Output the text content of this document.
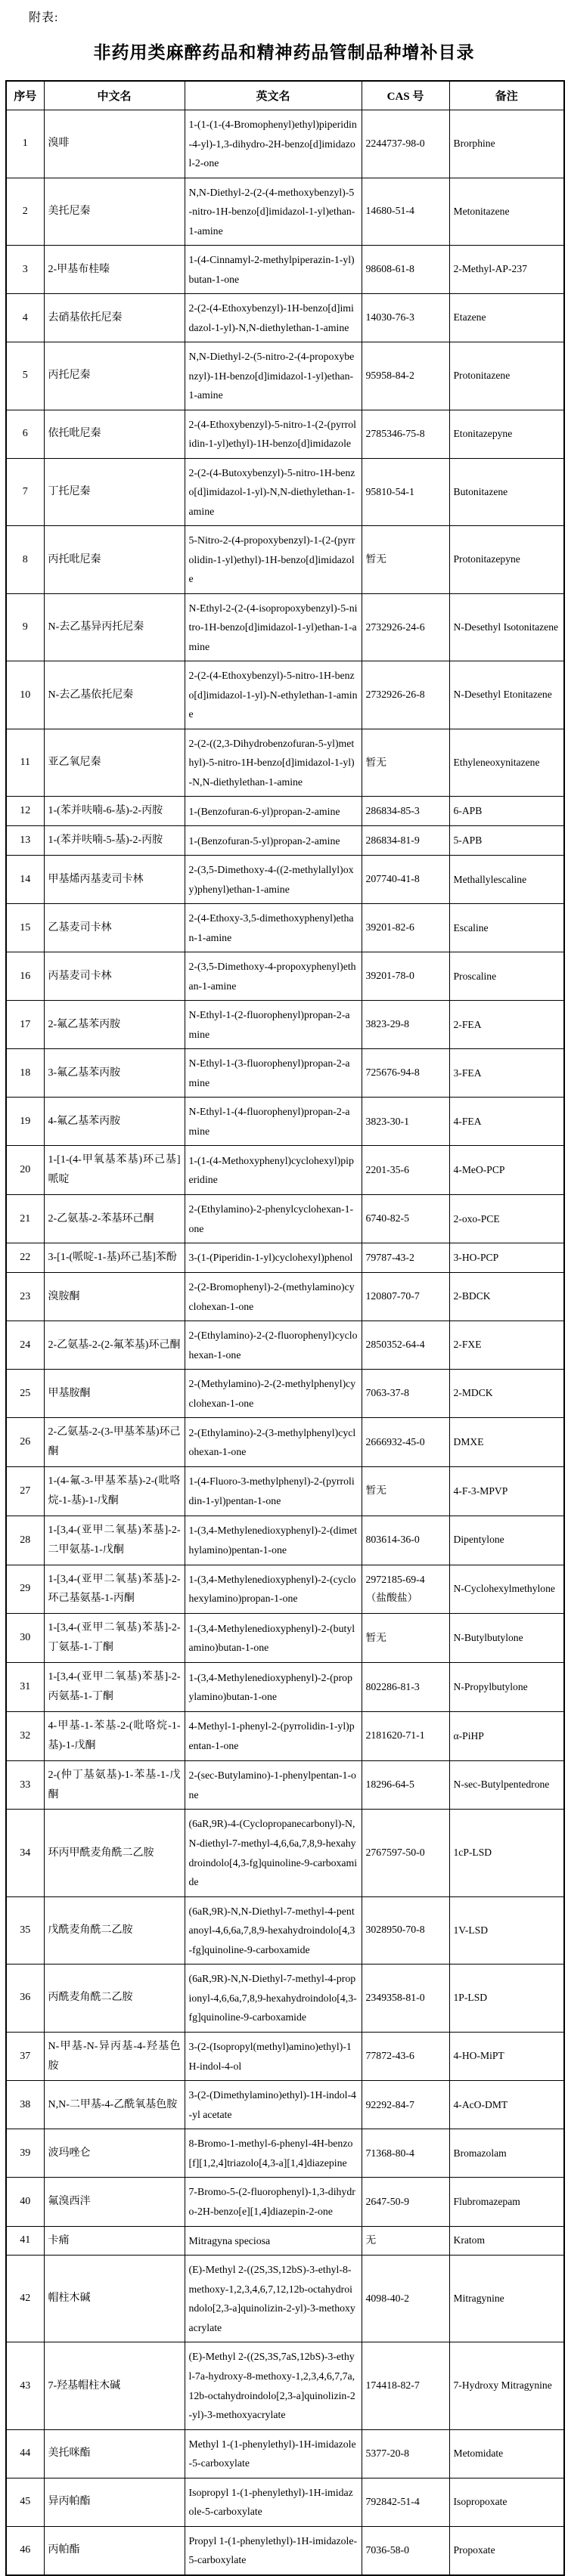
附表:
非药用类麻醉药品和精神药品管制品种增补目录
序号	中文名	英文名	CAS 号	备注
1	溴啡	1-(1-(1-(4-Bromophenyl)ethyl)piperidin-4-yl)-1,3-dihydro-2H-benzo[d]imidazol-2-one	2244737-98-0	Brorphine
2	美托尼秦	N,N-Diethyl-2-(2-(4-methoxybenzyl)-5-nitro-1H-benzo[d]imidazol-1-yl)ethan-1-amine	14680-51-4	Metonitazene
3	2-甲基布桂嗪	1-(4-Cinnamyl-2-methylpiperazin-1-yl)butan-1-one	98608-61-8	2-Methyl-AP-237
4	去硝基依托尼秦	2-(2-(4-Ethoxybenzyl)-1H-benzo[d]imidazol-1-yl)-N,N-diethylethan-1-amine	14030-76-3	Etazene
5	丙托尼秦	N,N-Diethyl-2-(5-nitro-2-(4-propoxybenzyl)-1H-benzo[d]imidazol-1-yl)ethan-1-amine	95958-84-2	Protonitazene
6	依托吡尼秦	2-(4-Ethoxybenzyl)-5-nitro-1-(2-(pyrrolidin-1-yl)ethyl)-1H-benzo[d]imidazole	2785346-75-8	Etonitazepyne
7	丁托尼秦	2-(2-(4-Butoxybenzyl)-5-nitro-1H-benzo[d]imidazol-1-yl)-N,N-diethylethan-1-amine	95810-54-1	Butonitazene
8	丙托吡尼秦	5-Nitro-2-(4-propoxybenzyl)-1-(2-(pyrrolidin-1-yl)ethyl)-1H-benzo[d]imidazole	暂无	Protonitazepyne
9	N-去乙基异丙托尼秦	N-Ethyl-2-(2-(4-isopropoxybenzyl)-5-nitro-1H-benzo[d]imidazol-1-yl)ethan-1-amine	2732926-24-6	N-Desethyl Isotonitazene
10	N-去乙基依托尼秦	2-(2-(4-Ethoxybenzyl)-5-nitro-1H-benzo[d]imidazol-1-yl)-N-ethylethan-1-amine	2732926-26-8	N-Desethyl Etonitazene
11	亚乙氧尼秦	2-(2-((2,3-Dihydrobenzofuran-5-yl)methyl)-5-nitro-1H-benzo[d]imidazol-1-yl)-N,N-diethylethan-1-amine	暂无	Ethyleneoxynitazene
12	1-(苯并呋喃-6-基)-2-丙胺	1-(Benzofuran-6-yl)propan-2-amine	286834-85-3	6-APB
13	1-(苯并呋喃-5-基)-2-丙胺	1-(Benzofuran-5-yl)propan-2-amine	286834-81-9	5-APB
14	甲基烯丙基麦司卡林	2-(3,5-Dimethoxy-4-((2-methylallyl)oxy)phenyl)ethan-1-amine	207740-41-8	Methallylescaline
15	乙基麦司卡林	2-(4-Ethoxy-3,5-dimethoxyphenyl)ethan-1-amine	39201-82-6	Escaline
16	丙基麦司卡林	2-(3,5-Dimethoxy-4-propoxyphenyl)ethan-1-amine	39201-78-0	Proscaline
17	2-氟乙基苯丙胺	N-Ethyl-1-(2-fluorophenyl)propan-2-amine	3823-29-8	2-FEA
18	3-氟乙基苯丙胺	N-Ethyl-1-(3-fluorophenyl)propan-2-amine	725676-94-8	3-FEA
19	4-氟乙基苯丙胺	N-Ethyl-1-(4-fluorophenyl)propan-2-amine	3823-30-1	4-FEA
20	1-[1-(4-甲氧基苯基)环己基]哌啶	1-(1-(4-Methoxyphenyl)cyclohexyl)piperidine	2201-35-6	4-MeO-PCP
21	2-乙氨基-2-苯基环己酮	2-(Ethylamino)-2-phenylcyclohexan-1-one	6740-82-5	2-oxo-PCE
22	3-[1-(哌啶-1-基)环己基]苯酚	3-(1-(Piperidin-1-yl)cyclohexyl)phenol	79787-43-2	3-HO-PCP
23	溴胺酮	2-(2-Bromophenyl)-2-(methylamino)cyclohexan-1-one	120807-70-7	2-BDCK
24	2-乙氨基-2-(2-氟苯基)环己酮	2-(Ethylamino)-2-(2-fluorophenyl)cyclohexan-1-one	2850352-64-4	2-FXE
25	甲基胺酮	2-(Methylamino)-2-(2-methylphenyl)cyclohexan-1-one	7063-37-8	2-MDCK
26	2-乙氨基-2-(3-甲基苯基)环己酮	2-(Ethylamino)-2-(3-methylphenyl)cyclohexan-1-one	2666932-45-0	DMXE
27	1-(4-氟-3-甲基苯基)-2-(吡咯烷-1-基)-1-戊酮	1-(4-Fluoro-3-methylphenyl)-2-(pyrrolidin-1-yl)pentan-1-one	暂无	4-F-3-MPVP
28	1-[3,4-(亚甲二氧基)苯基]-2-二甲氨基-1-戊酮	1-(3,4-Methylenedioxyphenyl)-2-(dimethylamino)pentan-1-one	803614-36-0	Dipentylone
29	1-[3,4-(亚甲二氧基)苯基]-2-环己基氨基-1-丙酮	1-(3,4-Methylenedioxyphenyl)-2-(cyclohexylamino)propan-1-one	2972185-69-4（盐酸盐）	N-Cyclohexylmethylone
30	1-[3,4-(亚甲二氧基)苯基]-2-丁氨基-1-丁酮	1-(3,4-Methylenedioxyphenyl)-2-(butylamino)butan-1-one	暂无	N-Butylbutylone
31	1-[3,4-(亚甲二氧基)苯基]-2-丙氨基-1-丁酮	1-(3,4-Methylenedioxyphenyl)-2-(propylamino)butan-1-one	802286-81-3	N-Propylbutylone
32	4-甲基-1-苯基-2-(吡咯烷-1-基)-1-戊酮	4-Methyl-1-phenyl-2-(pyrrolidin-1-yl)pentan-1-one	2181620-71-1	α-PiHP
33	2-(仲丁基氨基)-1-苯基-1-戊酮	2-(sec-Butylamino)-1-phenylpentan-1-one	18296-64-5	N-sec-Butylpentedrone
34	环丙甲酰麦角酰二乙胺	(6aR,9R)-4-(Cyclopropanecarbonyl)-N,N-diethyl-7-methyl-4,6,6a,7,8,9-hexahydroindolo[4,3-fg]quinoline-9-carboxamide	2767597-50-0	1cP-LSD
35	戊酰麦角酰二乙胺	(6aR,9R)-N,N-Diethyl-7-methyl-4-pentanoyl-4,6,6a,7,8,9-hexahydroindolo[4,3-fg]quinoline-9-carboxamide	3028950-70-8	1V-LSD
36	丙酰麦角酰二乙胺	(6aR,9R)-N,N-Diethyl-7-methyl-4-propionyl-4,6,6a,7,8,9-hexahydroindolo[4,3-fg]quinoline-9-carboxamide	2349358-81-0	1P-LSD
37	N-甲基-N-异丙基-4-羟基色胺	3-(2-(Isopropyl(methyl)amino)ethyl)-1H-indol-4-ol	77872-43-6	4-HO-MiPT
38	N,N-二甲基-4-乙酰氧基色胺	3-(2-(Dimethylamino)ethyl)-1H-indol-4-yl acetate	92292-84-7	4-AcO-DMT
39	波玛唑仑	8-Bromo-1-methyl-6-phenyl-4H-benzo[f][1,2,4]triazolo[4,3-a][1,4]diazepine	71368-80-4	Bromazolam
40	氟溴西泮	7-Bromo-5-(2-fluorophenyl)-1,3-dihydro-2H-benzo[e][1,4]diazepin-2-one	2647-50-9	Flubromazepam
41	卡痛	Mitragyna speciosa	无	Kratom
42	帽柱木碱	(E)-Methyl 2-((2S,3S,12bS)-3-ethyl-8-methoxy-1,2,3,4,6,7,12,12b-octahydroindolo[2,3-a]quinolizin-2-yl)-3-methoxyacrylate	4098-40-2	Mitragynine
43	7-羟基帽柱木碱	(E)-Methyl 2-((2S,3S,7aS,12bS)-3-ethyl-7a-hydroxy-8-methoxy-1,2,3,4,6,7,7a,12b-octahydroindolo[2,3-a]quinolizin-2-yl)-3-methoxyacrylate	174418-82-7	7-Hydroxy Mitragynine
44	美托咪酯	Methyl 1-(1-phenylethyl)-1H-imidazole-5-carboxylate	5377-20-8	Metomidate
45	异丙帕酯	Isopropyl 1-(1-phenylethyl)-1H-imidazole-5-carboxylate	792842-51-4	Isopropoxate
46	丙帕酯	Propyl 1-(1-phenylethyl)-1H-imidazole-5-carboxylate	7036-58-0	Propoxate
